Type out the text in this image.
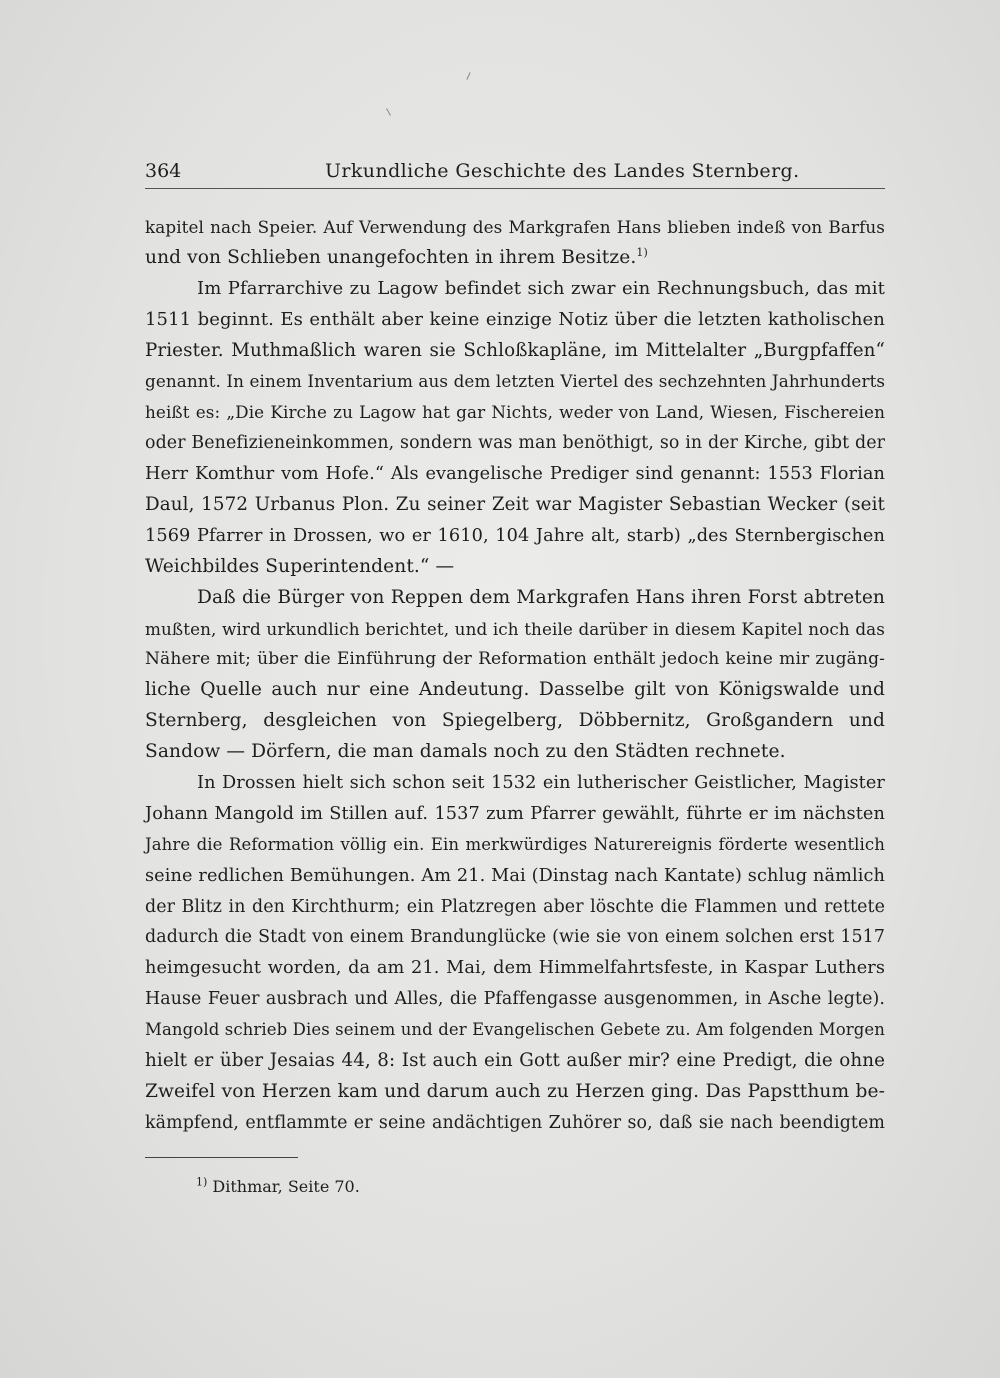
364	Urkundliche Geschichte des Landes Sternberg.
kapitel nach Speier. Auf Verwendung des Markgrafen Hans blieben indeß von Barfus
und von Schlieben unangefochten in ihrem Besitze.$^{1)}$
Im Pfarrarchive zu Lagow befindet sich zwar ein Rechnungsbuch, das mit
1511 beginnt. Es enthält aber keine einzige Notiz über die letzten katholischen
Priester. Muthmaßlich waren sie Schloßkapläne, im Mittelalter „Burgpfaffen“
genannt. In einem Inventarium aus dem letzten Viertel des sechzehnten Jahrhunderts
heißt es: „Die Kirche zu Lagow hat gar Nichts, weder von Land, Wiesen, Fischereien
oder Benefizieneinkommen, sondern was man benöthigt, so in der Kirche, gibt der
Herr Komthur vom Hofe.“ Als evangelische Prediger sind genannt: 1553 Florian
Daul, 1572 Urbanus Plon. Zu seiner Zeit war Magister Sebastian Wecker (seit
1569 Pfarrer in Drossen, wo er 1610, 104 Jahre alt, starb) „des Sternbergischen
Weichbildes Superintendent.“ —
Daß die Bürger von Reppen dem Markgrafen Hans ihren Forst abtreten
mußten, wird urkundlich berichtet, und ich theile darüber in diesem Kapitel noch das
Nähere mit; über die Einführung der Reformation enthält jedoch keine mir zugäng-
liche Quelle auch nur eine Andeutung. Dasselbe gilt von Königswalde und
Sternberg, desgleichen von Spiegelberg, Döbbernitz, Großgandern und
Sandow — Dörfern, die man damals noch zu den Städten rechnete.
In Drossen hielt sich schon seit 1532 ein lutherischer Geistlicher, Magister
Johann Mangold im Stillen auf. 1537 zum Pfarrer gewählt, führte er im nächsten
Jahre die Reformation völlig ein. Ein merkwürdiges Naturereignis förderte wesentlich
seine redlichen Bemühungen. Am 21. Mai (Dinstag nach Kantate) schlug nämlich
der Blitz in den Kirchthurm; ein Platzregen aber löschte die Flammen und rettete
dadurch die Stadt von einem Brandunglücke (wie sie von einem solchen erst 1517
heimgesucht worden, da am 21. Mai, dem Himmelfahrtsfeste, in Kaspar Luthers
Hause Feuer ausbrach und Alles, die Pfaffengasse ausgenommen, in Asche legte).
Mangold schrieb Dies seinem und der Evangelischen Gebete zu. Am folgenden Morgen
hielt er über Jesaias 44, 8: Ist auch ein Gott außer mir? eine Predigt, die ohne
Zweifel von Herzen kam und darum auch zu Herzen ging. Das Papstthum be-
kämpfend, entflammte er seine andächtigen Zuhörer so, daß sie nach beendigtem
$^{1)}$ Dithmar, Seite 70.
